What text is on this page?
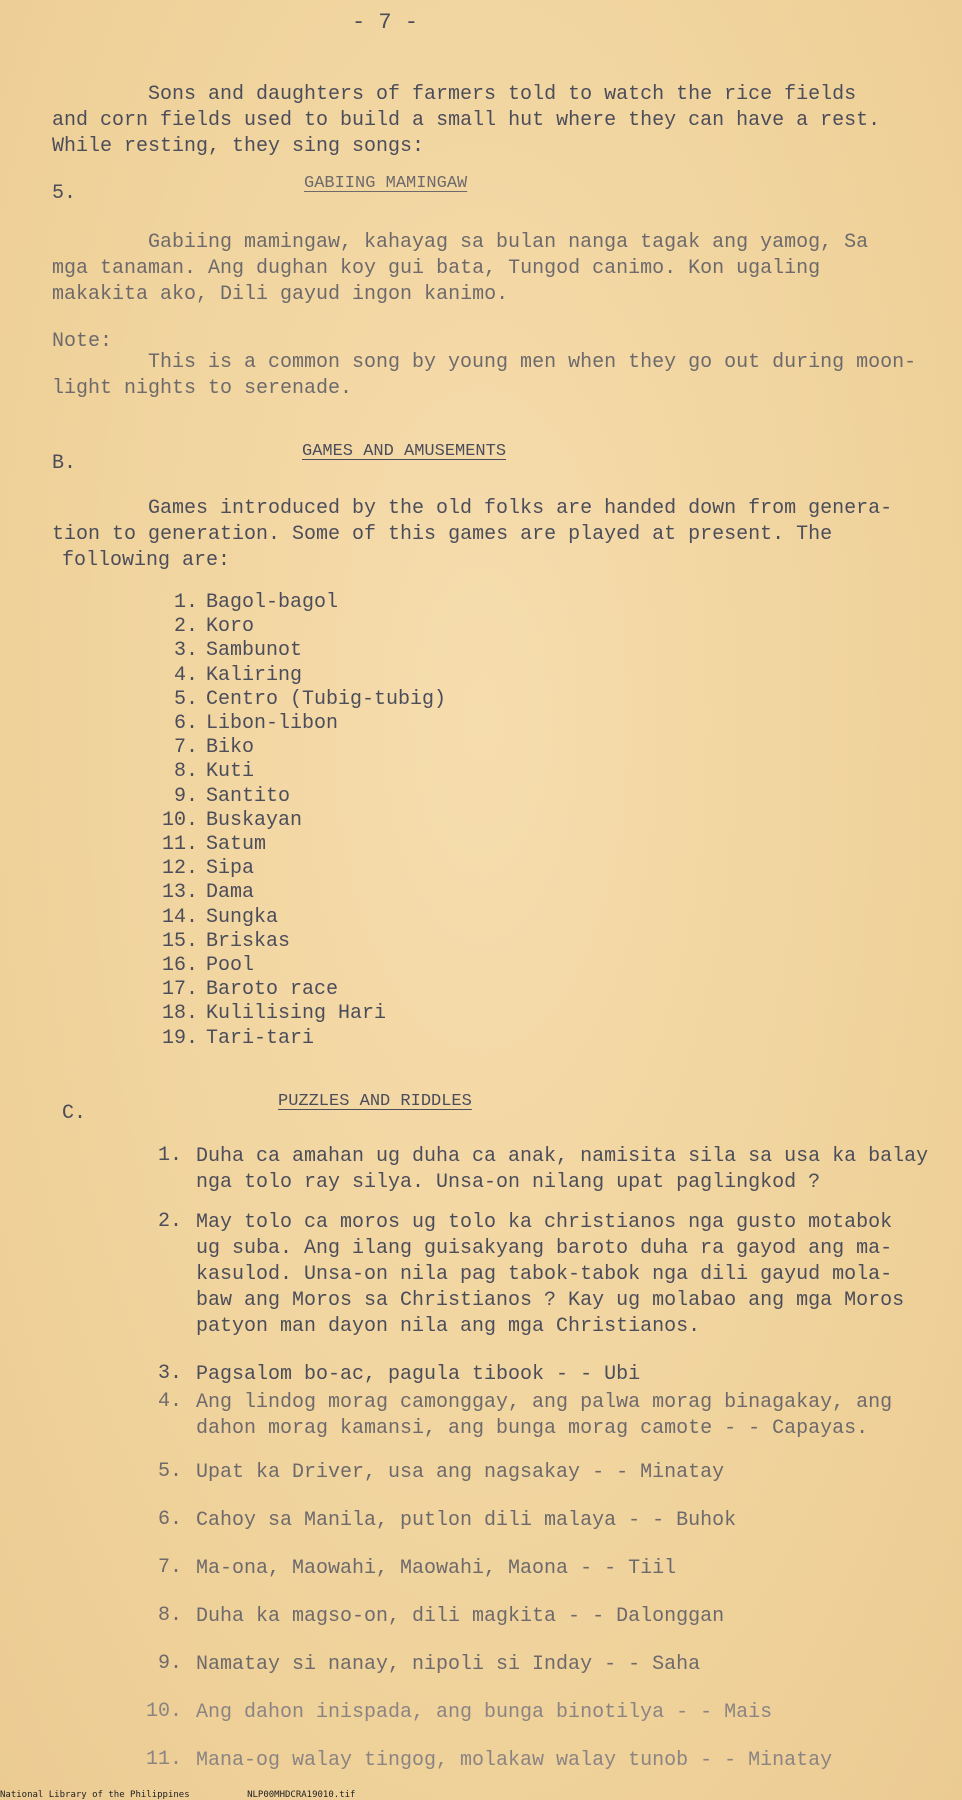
- 7 -
Sons and daughters of farmers told to watch the rice fields
and corn fields used to build a small hut where they can have a rest.
While resting, they sing songs:
5.	GABIING MAMINGAW
Gabiing mamingaw, kahayag sa bulan nanga tagak ang yamog, Sa
mga tanaman. Ang dughan koy gui bata, Tungod canimo. Kon ugaling
makakita ako, Dili gayud ingon kanimo.
Note:
This is a common song by young men when they go out during moon-
light nights to serenade.
B.
GAMES AND AMUSEMENTS
Games introduced by the old folks are handed down from genera-
tion to generation. Some of this games are played at present. The
following are:
1. Bagol-bagol
2. Koro
3. Sambunot
4. Kaliring
5. Centro (Tubig-tubig)
6. Libon-libon
7. Biko
8. Kuti
9. Santito
10. Buskayan
11. Satum
12. Sipa
13. Dama
14. Sungka
15. Briskas
16. Pool
17. Baroto race
18. Kulilising Hari
19. Tari-tari
C.
PUZZLES AND RIDDLES
1. Duha ca amahan ug duha ca anak, namisita sila sa usa ka balay
nga tolo ray silya. Unsa-on nilang upat paglingkod ?
2. May tolo ca moros ug tolo ka christianos nga gusto motabok
ug suba. Ang ilang guisakyang baroto duha ra gayod ang ma-
kasulod. Unsa-on nila pag tabok-tabok nga dili gayud mola-
baw ang Moros sa Christianos ? Kay ug molabao ang mga Moros
patyon man dayon nila ang mga Christianos.
3. Pagsalom bo-ac, pagula tibook - - Ubi
4. Ang lindog morag camonggay, ang palwa morag binagakay, ang
dahon morag kamansi, ang bunga morag camote - - Capayas.
5. Upat ka Driver, usa ang nagsakay - - Minatay
6. Cahoy sa Manila, putlon dili malaya - - Buhok
7. Ma-ona, Maowahi, Maowahi, Maona - - Tiil
8. Duha ka magso-on, dili magkita - - Dalonggan
9. Namatay si nanay, nipoli si Inday - - Saha
10. Ang dahon inispada, ang bunga binotilya - - Mais
11. Mana-og walay tingog, molakaw walay tunob - - Minatay
National Library of the Philippines	NLP00MHDCRA19010.tif
